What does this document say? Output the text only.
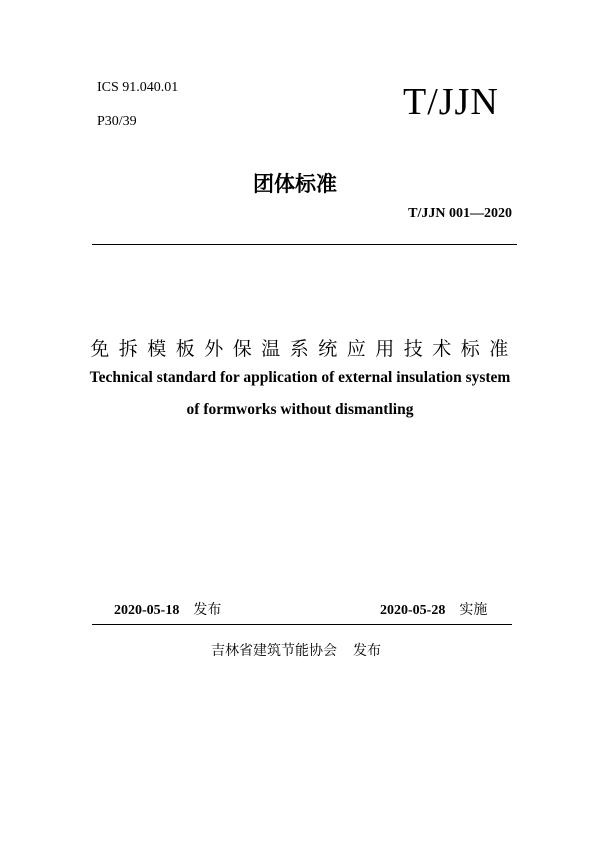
ICS 91.040.01
P30/39	T/JJN
团体标准
T/JJN 001—2020
免拆模板外保温系统应用技术标准
Technical standard for application of external insulation system
of formworks without dismantling
2020-05-18 发布	2020-05-28 实施
吉林省建筑节能协会 发布
